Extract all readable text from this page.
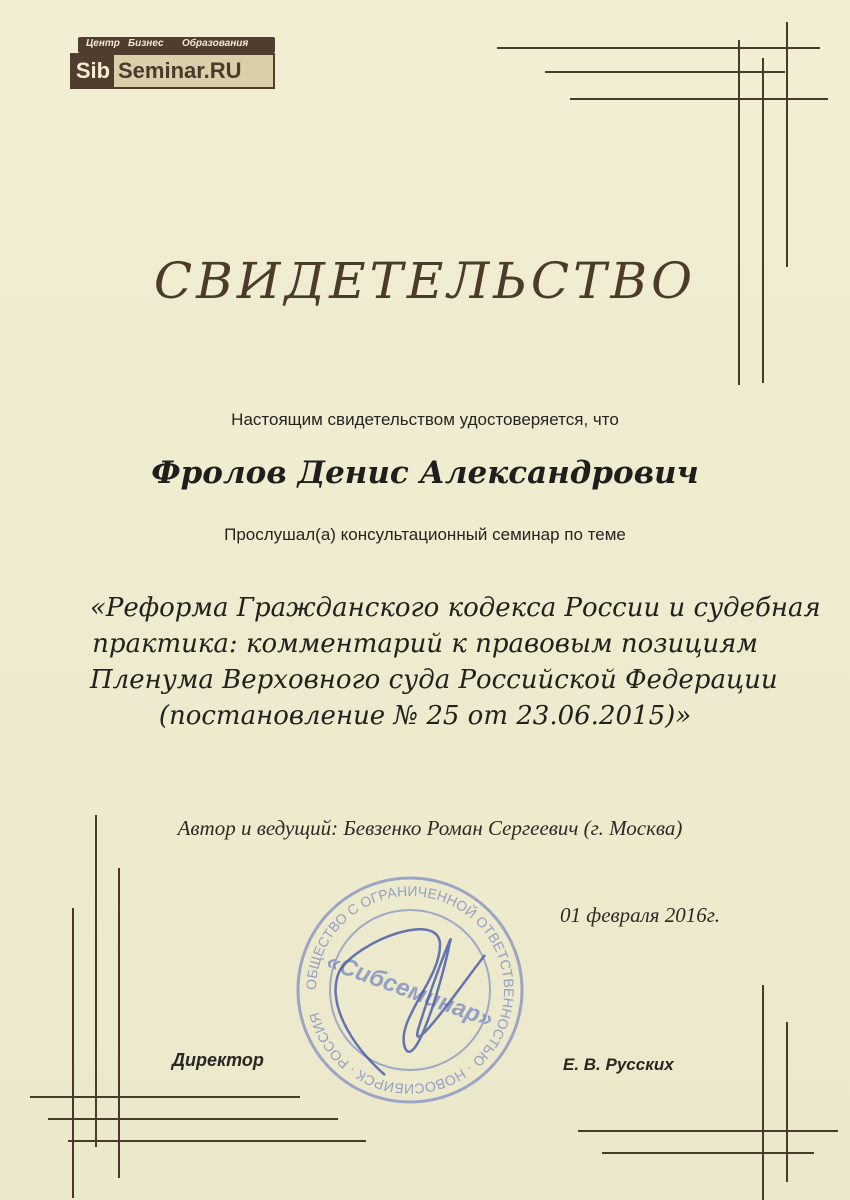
Центр Бизнес Образования
Sib Seminar.RU
СВИДЕТЕЛЬСТВО
Настоящим свидетельством удостоверяется, что
Фролов Денис Александрович
Прослушал(а) консультационный семинар по теме
«Реформа Гражданского кодекса России и судебная
практика: комментарий к правовым позициям
Пленума Верховного суда Российской Федерации
(постановление № 25 от 23.06.2015)»
Автор и ведущий: Бевзенко Роман Сергеевич (г. Москва)
01 февраля 2016г.
ОБЩЕСТВО С ОГРАНИЧЕННОЙ ОТВЕТСТВЕННОСТЬЮ · НОВОСИБИРСК · РОССИЯ
«Сибсеминар»
Директор	Е. В. Русских
